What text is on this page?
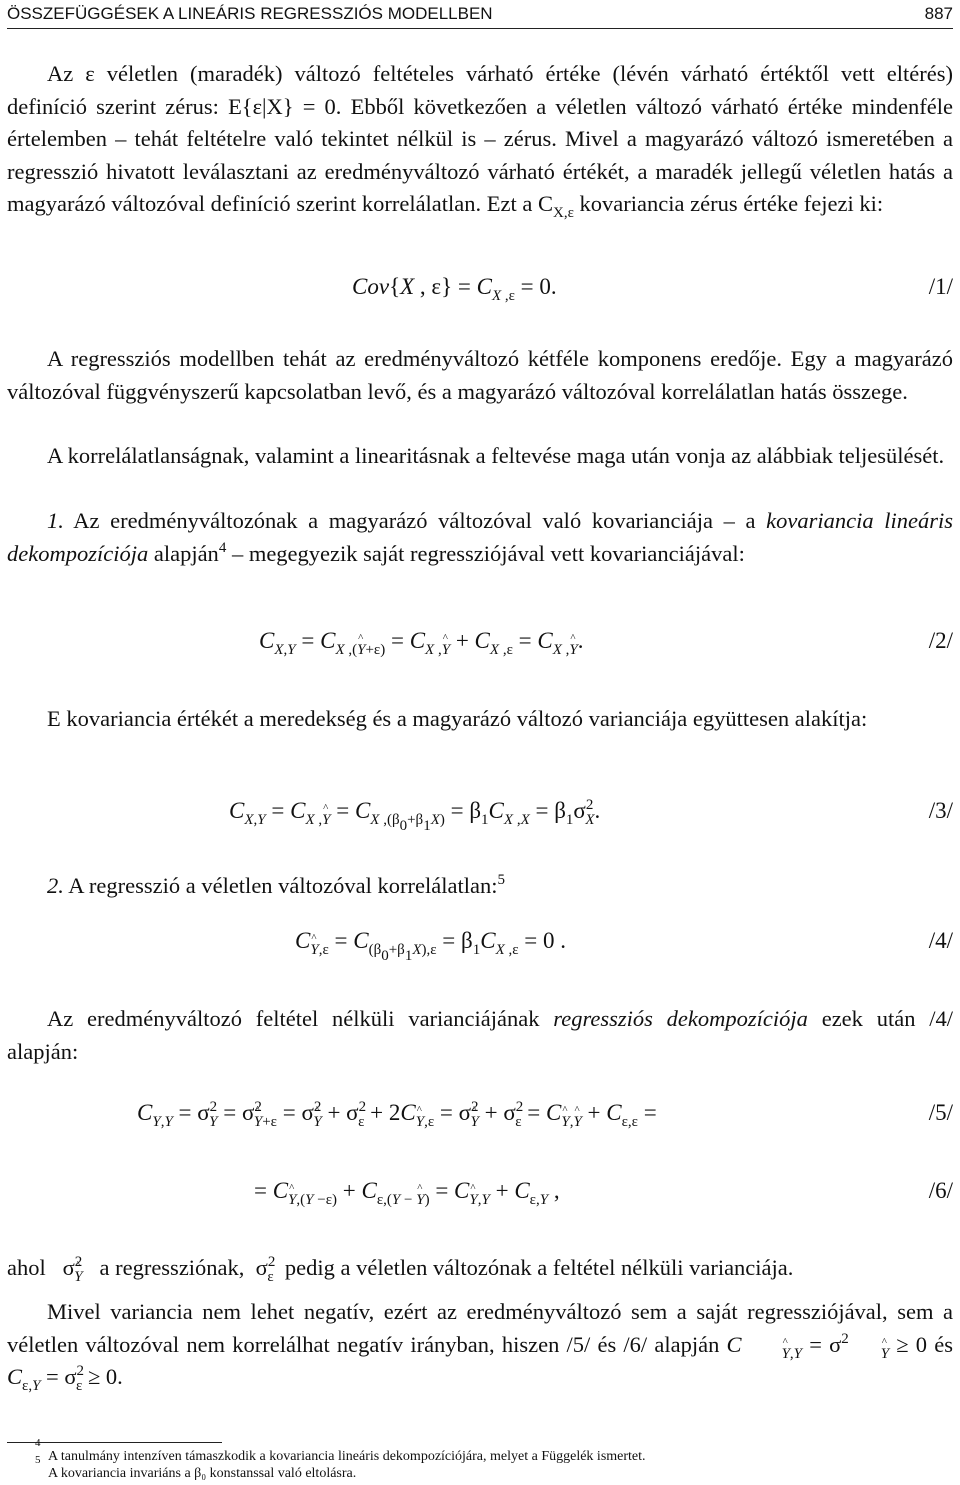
ÖSSZEFÜGGÉSEK A LINEÁRIS REGRESSZIÓS MODELLBEN	887

Az ε véletlen (maradék) változó feltételes várható értéke (lévén várható értéktől vett eltérés) definíció szerint zérus: E{ε|X} = 0. Ebből következően a véletlen változó várható értéke mindenféle értelemben – tehát feltételre való tekintet nélkül is – zérus. Mivel a magyarázó változó ismeretében a regresszió hivatott leválasztani az eredményváltozó várható értékét, a maradék jellegű véletlen hatás a magyarázó változóval definíció szerint korrelálatlan. Ezt a $C_{X,\varepsilon}$ kovariancia zérus értéke fejezi ki:

Cov{X , $\varepsilon\} = C_{X ,\varepsilon} = 0$.	/1/

A regressziós modellben tehát az eredményváltozó kétféle komponens eredője. Egy a magyarázó változóval függvényszerű kapcsolatban levő, és a magyarázó változóval korrelálatlan hatás összege.

A korrelálatlanságnak, valamint a linearitásnak a feltevése maga után vonja az alábbiak teljesülését.

1. Az eredményváltozónak a magyarázó változóval való kovarianciája – a kovariancia lineáris dekompozíciója alapján$^4$ – megegyezik saját regressziójával vett kovarianciájával:

$C_{X,Y} = C_{X ,(Y+\varepsilon)} = C_{X ,Y} + C_{X ,\varepsilon} = C_{X ,Y}$.	/2/

E kovariancia értékét a meredekség és a magyarázó változó varianciája együttesen alakítja:

$C_{X,Y} = C_{X ,Y} = C_{X ,(\beta_0+\beta_1X)} = \beta_1C_{X ,X} = \beta_1\sigma^2_X$.	/3/

2. A regresszió a véletlen változóval korrelálatlan:$^5$

$C_{Y,\varepsilon} = C_{(\beta_0+\beta_1X),\varepsilon} = \beta_1C_{X ,\varepsilon} = 0$ .	/4/

Az eredményváltozó feltétel nélküli varianciájának regressziós dekompozíciója ezek után /4/ alapján:

$C_{Y,Y} = \sigma^2_Y = \sigma^2_{Y+\varepsilon} = \sigma^2_Y + \sigma^2_\varepsilon + 2C_{Y,\varepsilon} = \sigma^2_Y + \sigma^2_\varepsilon = C_{Y,Y} + C_{\varepsilon,\varepsilon}$ =	/5/
= $C_{Y,(Y -\varepsilon)} + C_{\varepsilon,(Y - Y)} = C_{Y,Y} + C_{\varepsilon,Y}$ ,	/6/
ahol   $\sigma^2_Y$ a regressziónak,  $\sigma^2_\varepsilon$ pedig a véletlen változónak a feltétel nélküli varianciája.

Mivel variancia nem lehet negatív, ezért az eredményváltozó sem a saját regressziójával, sem a véletlen változóval nem korrelálhat negatív irányban, hiszen /5/ és /6/ alapján C	$_{Y,Y} = \sigma^2_Y \ge 0$ és $C_{\varepsilon,Y} = \sigma^2_\varepsilon \ge 0$.

4
A tanulmány intenzíven támaszkodik a kovariancia lineáris dekompozíciójára, melyet a Függelék ismertet.
5
A kovariancia invariáns a β₀ konstanssal való eltolásra.
